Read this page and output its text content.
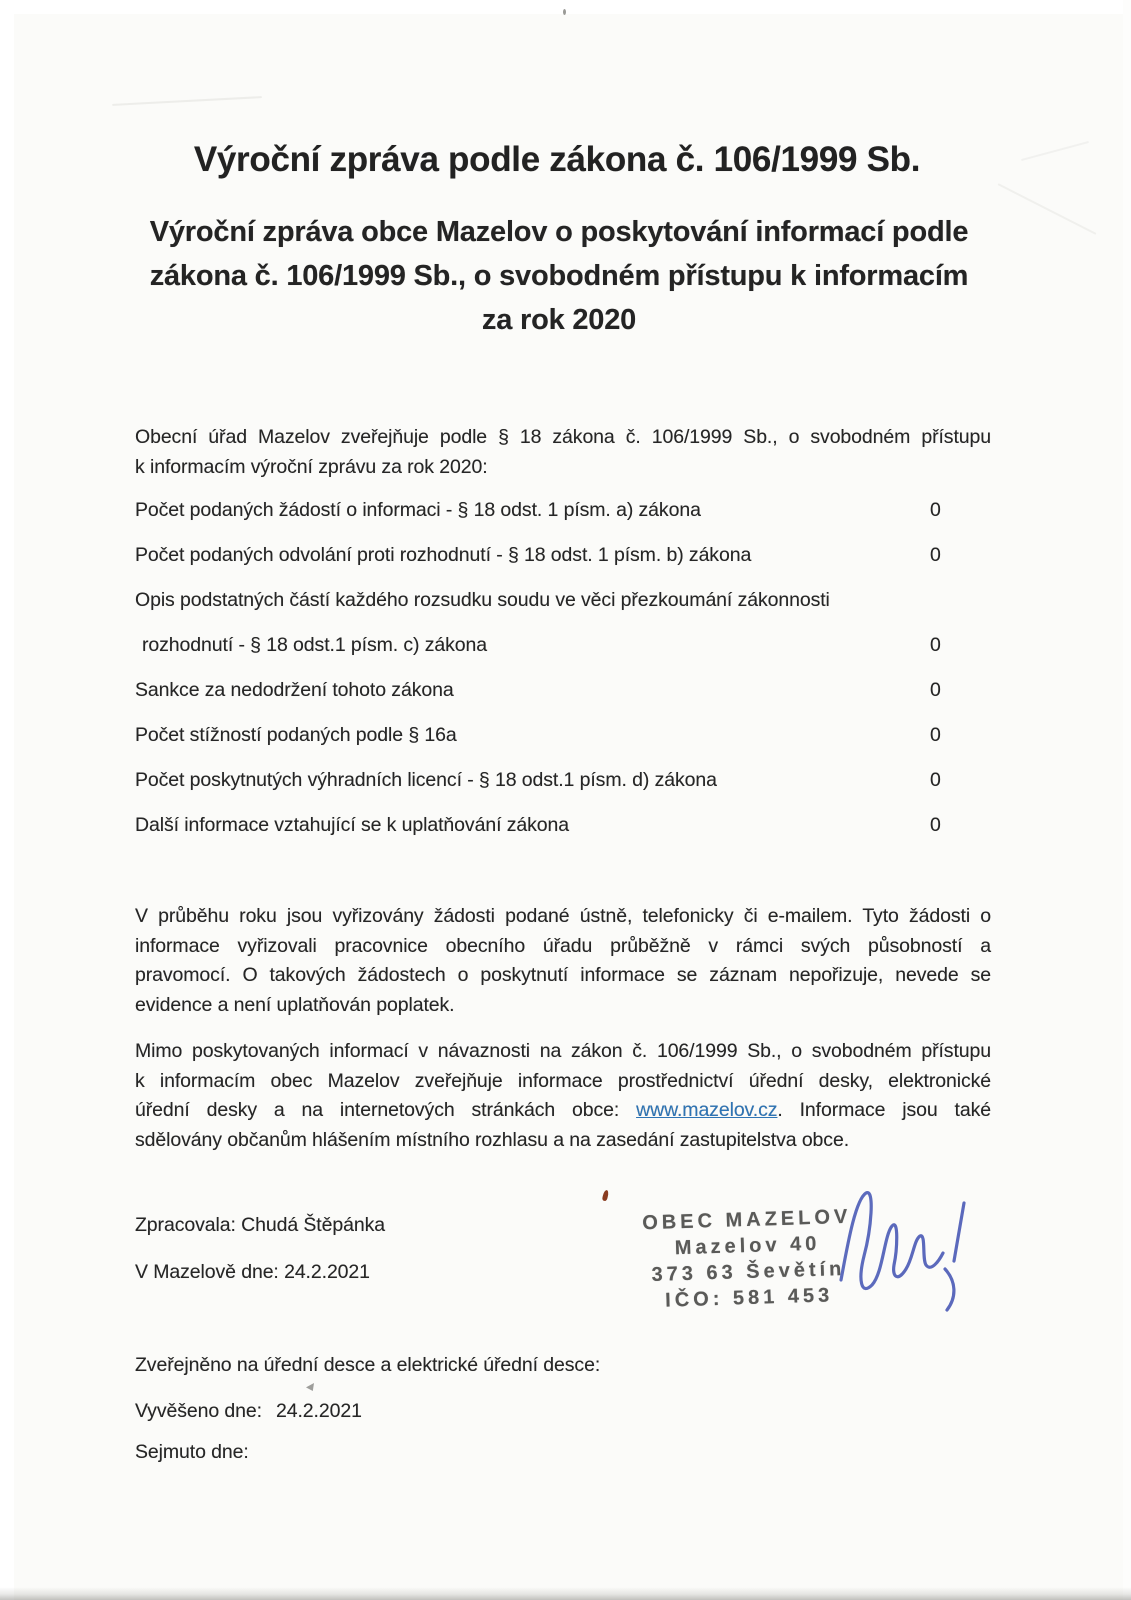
Výroční zpráva podle zákona č. 106/1999 Sb.
Výroční zpráva obce Mazelov o poskytování informací podle
zákona č. 106/1999 Sb., o svobodném přístupu k informacím
za rok 2020
Obecní úřad Mazelov zveřejňuje podle § 18 zákona č. 106/1999 Sb., o svobodném přístupu
k informacím výroční zprávu za rok 2020:
Počet podaných žádostí o informaci - § 18 odst. 1 písm. a) zákona	0
Počet podaných odvolání proti rozhodnutí - § 18 odst. 1 písm. b) zákona	0
Opis podstatných částí každého rozsudku soudu ve věci přezkoumání zákonnosti
rozhodnutí - § 18 odst.1 písm. c) zákona	0
Sankce za nedodržení tohoto zákona	0
Počet stížností podaných podle § 16a	0
Počet poskytnutých výhradních licencí - § 18 odst.1 písm. d) zákona	0
Další informace vztahující se k uplatňování zákona	0
V průběhu roku jsou vyřizovány žádosti podané ústně, telefonicky či e-mailem. Tyto žádosti o
informace vyřizovali pracovnice obecního úřadu průběžně v rámci svých působností a
pravomocí. O takových žádostech o poskytnutí informace se záznam nepořizuje, nevede se
evidence a není uplatňován poplatek.
Mimo poskytovaných informací v návaznosti na zákon č. 106/1999 Sb., o svobodném přístupu
k informacím obec Mazelov zveřejňuje informace prostřednictví úřední desky, elektronické
úřední desky a na internetových stránkách obce: www.mazelov.cz. Informace jsou také
sdělovány občanům hlášením místního rozhlasu a na zasedání zastupitelstva obce.
Zpracovala: Chudá Štěpánka
V Mazelově dne: 24.2.2021
OBEC MAZELOV
Mazelov 40
373 63 Ševětín
IČO: 581 453
Zveřejněno na úřední desce a elektrické úřední desce:
Vyvěšeno dne: 24.2.2021
Sejmuto dne:
